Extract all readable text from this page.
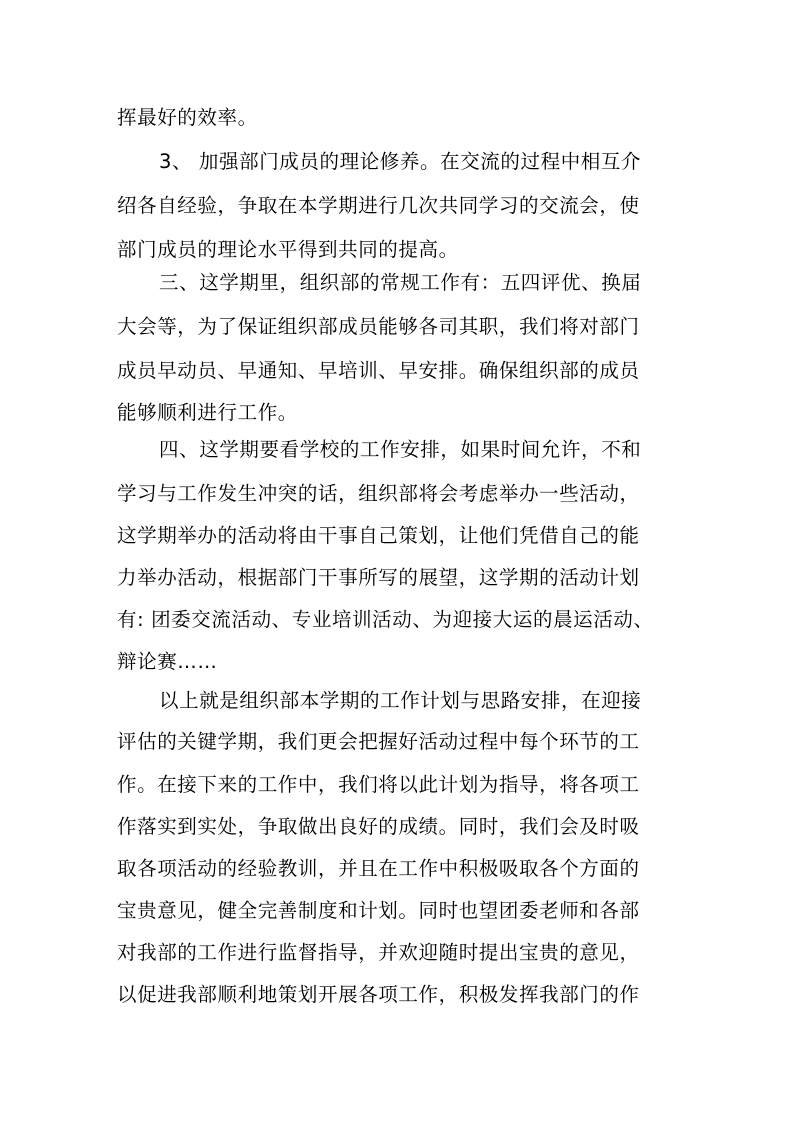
挥最好的效率。
3、 加强部门成员的理论修养。在交流的过程中相互介
绍各自经验，争取在本学期进行几次共同学习的交流会，使
部门成员的理论水平得到共同的提高。
三、这学期里，组织部的常规工作有：五四评优、换届
大会等，为了保证组织部成员能够各司其职，我们将对部门
成员早动员、早通知、早培训、早安排。确保组织部的成员
能够顺利进行工作。
四、这学期要看学校的工作安排，如果时间允许，不和
学习与工作发生冲突的话，组织部将会考虑举办一些活动，
这学期举办的活动将由干事自己策划，让他们凭借自己的能
力举办活动，根据部门干事所写的展望，这学期的活动计划
有: 团委交流活动、专业培训活动、为迎接大运的晨运活动、
辩论赛……
以上就是组织部本学期的工作计划与思路安排，在迎接
评估的关键学期，我们更会把握好活动过程中每个环节的工
作。在接下来的工作中，我们将以此计划为指导，将各项工
作落实到实处，争取做出良好的成绩。同时，我们会及时吸
取各项活动的经验教训，并且在工作中积极吸取各个方面的
宝贵意见，健全完善制度和计划。同时也望团委老师和各部
对我部的工作进行监督指导，并欢迎随时提出宝贵的意见，
以促进我部顺利地策划开展各项工作，积极发挥我部门的作
